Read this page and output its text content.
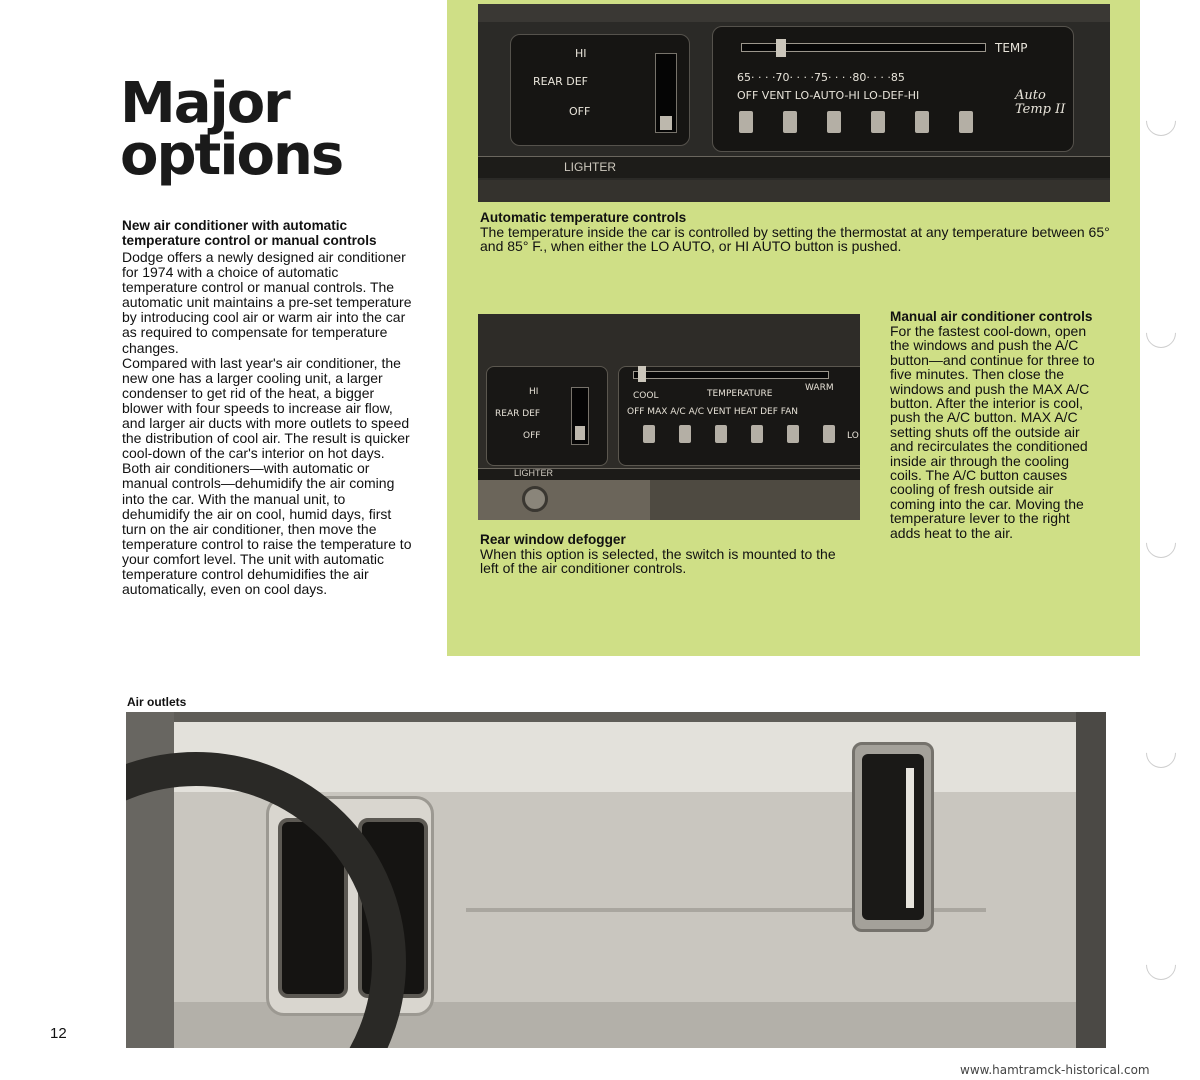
Major
options
New air conditioner with automatic temperature control or manual controls

Dodge offers a newly designed air conditioner for 1974 with a choice of automatic temperature control or manual controls. The automatic unit maintains a pre-set temperature by introducing cool air or warm air into the car as required to compensate for temperature changes.

Compared with last year's air conditioner, the new one has a larger cooling unit, a larger condenser to get rid of the heat, a bigger blower with four speeds to increase air flow, and larger air ducts with more outlets to speed the distribution of cool air. The result is quicker cool-down of the car's interior on hot days.

Both air conditioners—with automatic or manual controls—dehumidify the air coming into the car. With the manual unit, to dehumidify the air on cool, humid days, first turn on the air conditioner, then move the temperature control to raise the temperature to your comfort level. The unit with automatic temperature control dehumidifies the air automatically, even on cool days.

HI
REAR DEF
OFF
TEMP
65· · · ·70· · · ·75· · · ·80· · · ·85
OFF VENT LO-AUTO-HI LO-DEF-HI	Auto
Temp II
LIGHTER
Automatic temperature controls
The temperature inside the car is controlled by setting the thermostat at any temperature between 65° and 85° F., when either the LO AUTO, or HI AUTO button is pushed.
HI
REAR DEF
OFF
COOL	TEMPERATURE
WARM
OFF MAX A/C A/C VENT HEAT DEF FAN
LO
LIGHTER
Rear window defogger
When this option is selected, the switch is mounted to the left of the air conditioner controls.
Manual air conditioner controls
For the fastest cool-down, open the windows and push the A/C button—and continue for three to five minutes. Then close the windows and push the MAX A/C button. After the interior is cool, push the A/C button. MAX A/C setting shuts off the outside air and recirculates the conditioned inside air through the cooling coils. The A/C button causes cooling of fresh outside air coming into the car. Moving the temperature lever to the right adds heat to the air.
Air outlets
12
www.hamtramck-historical.com
